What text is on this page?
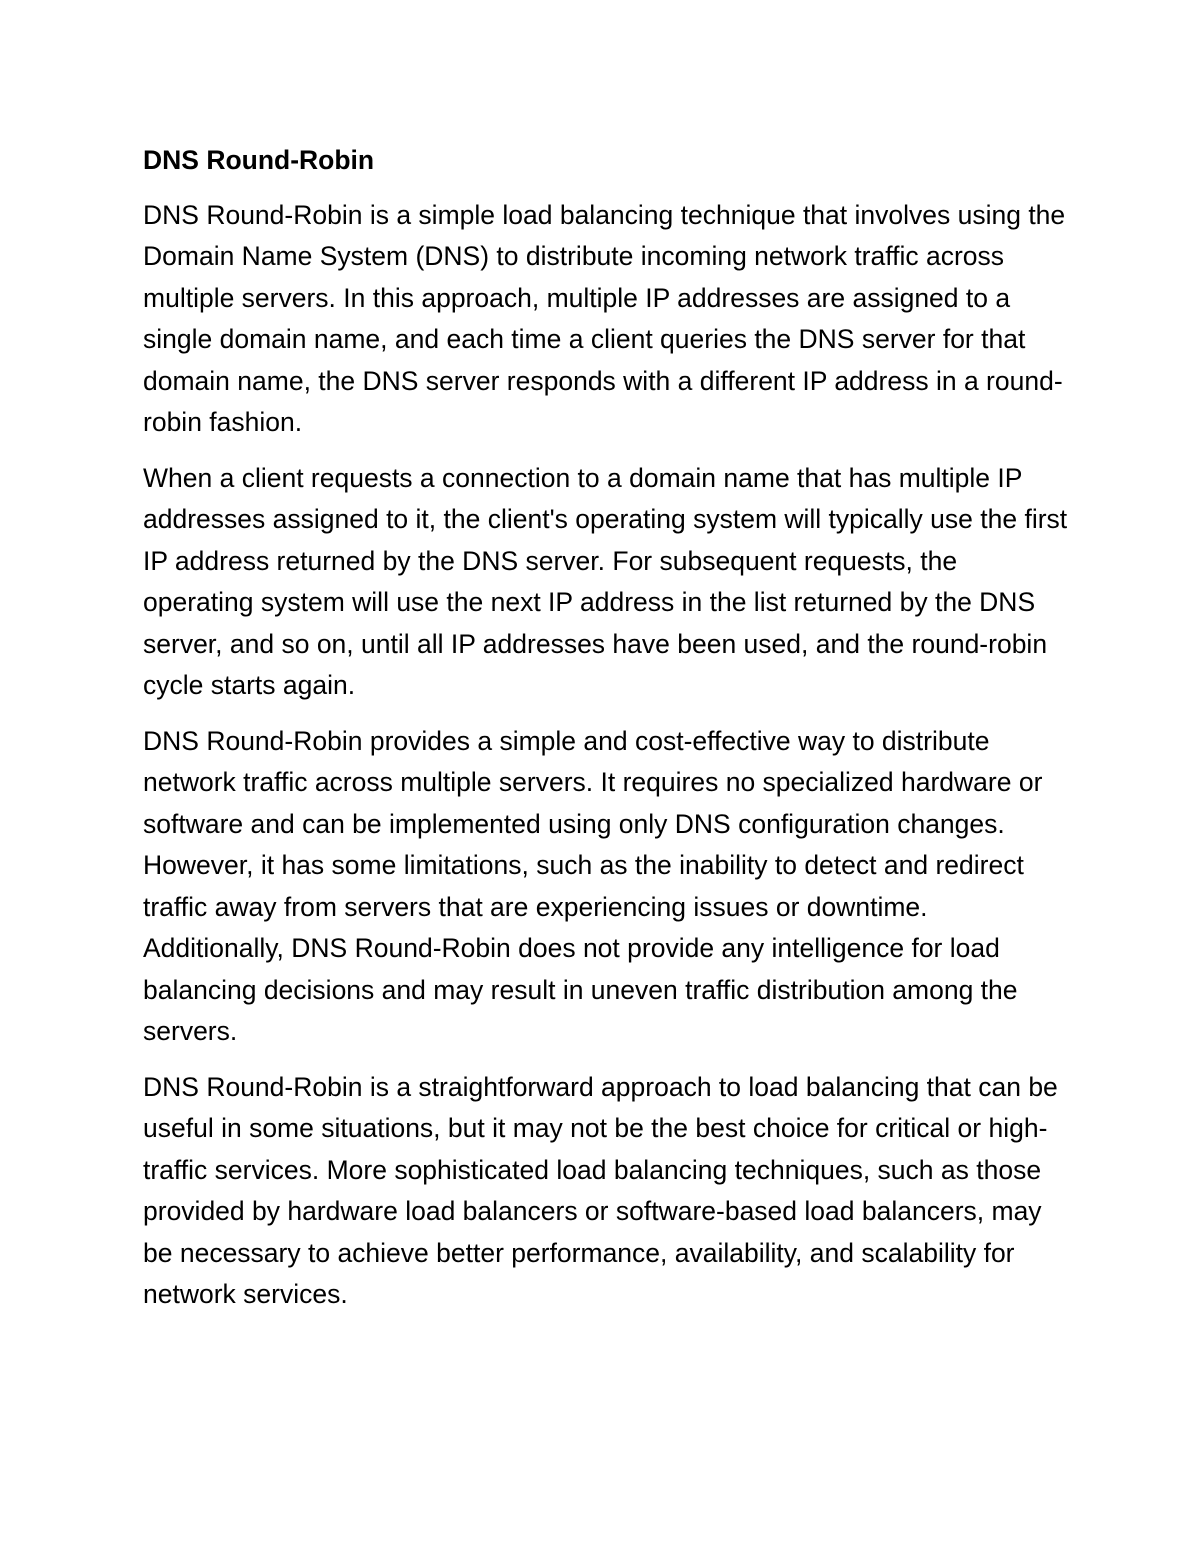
DNS Round-Robin

DNS Round-Robin is a simple load balancing technique that involves using the Domain Name System (DNS) to distribute incoming network traffic across multiple servers. In this approach, multiple IP addresses are assigned to a single domain name, and each time a client queries the DNS server for that domain name, the DNS server responds with a different IP address in a round-robin fashion.

When a client requests a connection to a domain name that has multiple IP addresses assigned to it, the client's operating system will typically use the first IP address returned by the DNS server. For subsequent requests, the operating system will use the next IP address in the list returned by the DNS server, and so on, until all IP addresses have been used, and the round-robin cycle starts again.

DNS Round-Robin provides a simple and cost-effective way to distribute network traffic across multiple servers. It requires no specialized hardware or software and can be implemented using only DNS configuration changes. However, it has some limitations, such as the inability to detect and redirect traffic away from servers that are experiencing issues or downtime. Additionally, DNS Round-Robin does not provide any intelligence for load balancing decisions and may result in uneven traffic distribution among the servers.

DNS Round-Robin is a straightforward approach to load balancing that can be useful in some situations, but it may not be the best choice for critical or high-traffic services. More sophisticated load balancing techniques, such as those provided by hardware load balancers or software-based load balancers, may be necessary to achieve better performance, availability, and scalability for network services.
